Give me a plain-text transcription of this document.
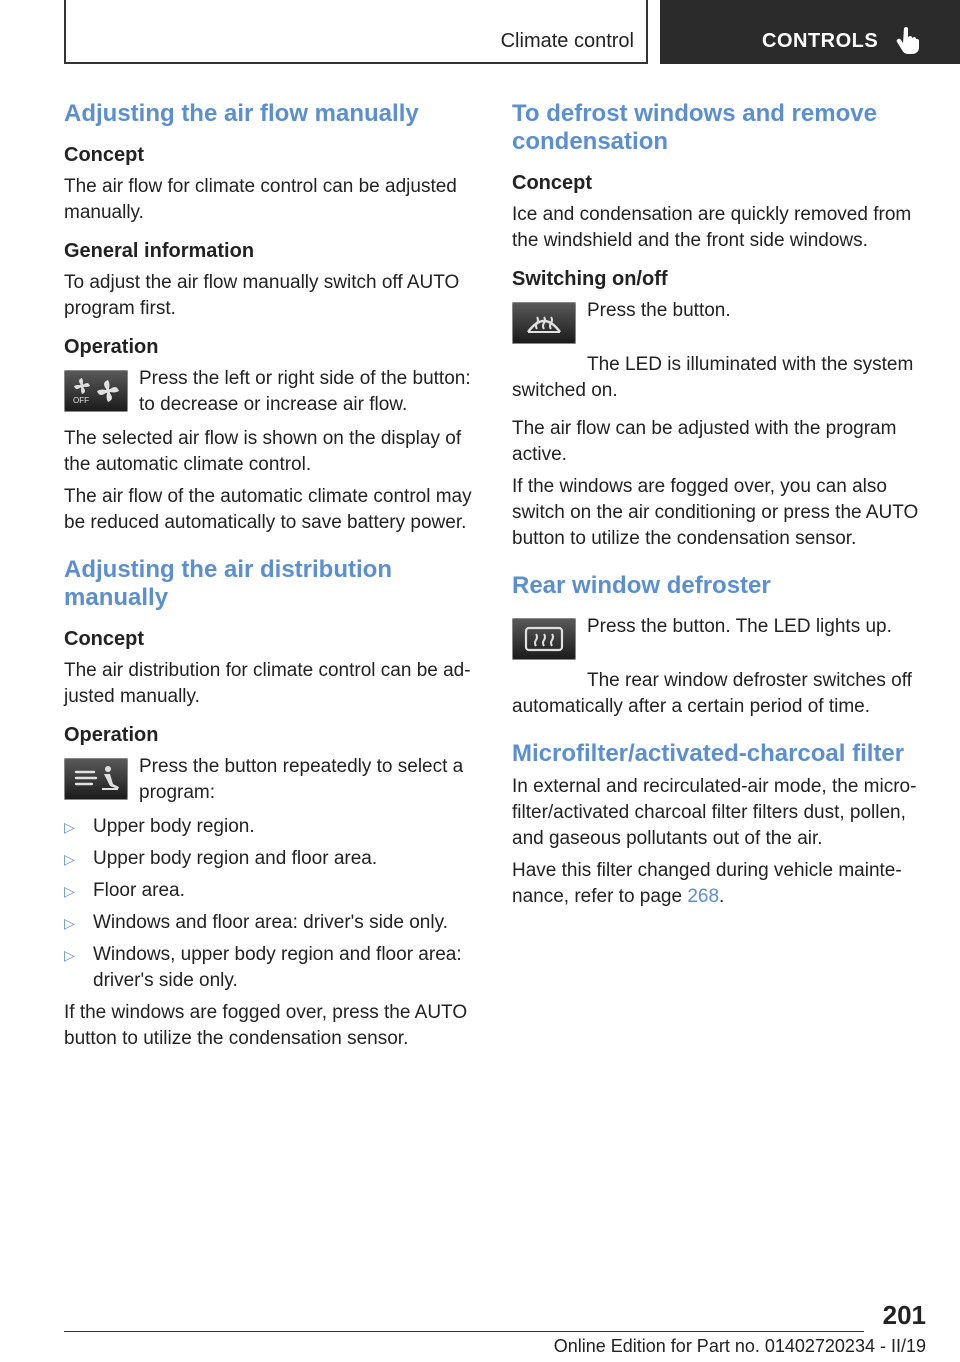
Climate control	CONTROLS
Adjusting the air flow manually
Concept

The air flow for climate control can be adjusted manually.

General information

To adjust the air flow manually switch off AUTO program first.

Operation
OFF

Press the left or right side of the button: to decrease or increase air flow.

The selected air flow is shown on the display of the automatic climate control.

The air flow of the automatic climate control may be reduced automatically to save battery power.

Adjusting the air distribution manually
Concept

The air distribution for climate control can be ad‐justed manually.

Operation

Press the button repeatedly to select a program:

▷ Upper body region.
▷ Upper body region and floor area.
▷ Floor area.
▷ Windows and floor area: driver's side only.
▷ Windows, upper body region and floor area: driver's side only.

If the windows are fogged over, press the AUTO button to utilize the condensation sensor.

To defrost windows and remove condensation
Concept

Ice and condensation are quickly removed from the windshield and the front side windows.

Switching on/off

Press the button.

The LED is illuminated with the system switched on.

The air flow can be adjusted with the program active.

If the windows are fogged over, you can also switch on the air conditioning or press the AUTO button to utilize the condensation sensor.

Rear window defroster

Press the button. The LED lights up.

The rear window defroster switches off automatically after a certain period of time.

Microfilter/activated-charcoal filter

In external and recirculated-air mode, the micro‐filter/activated charcoal filter filters dust, pollen, and gaseous pollutants out of the air.

Have this filter changed during vehicle mainte‐nance, refer to page 268.

201
Online Edition for Part no. 01402720234 - II/19
